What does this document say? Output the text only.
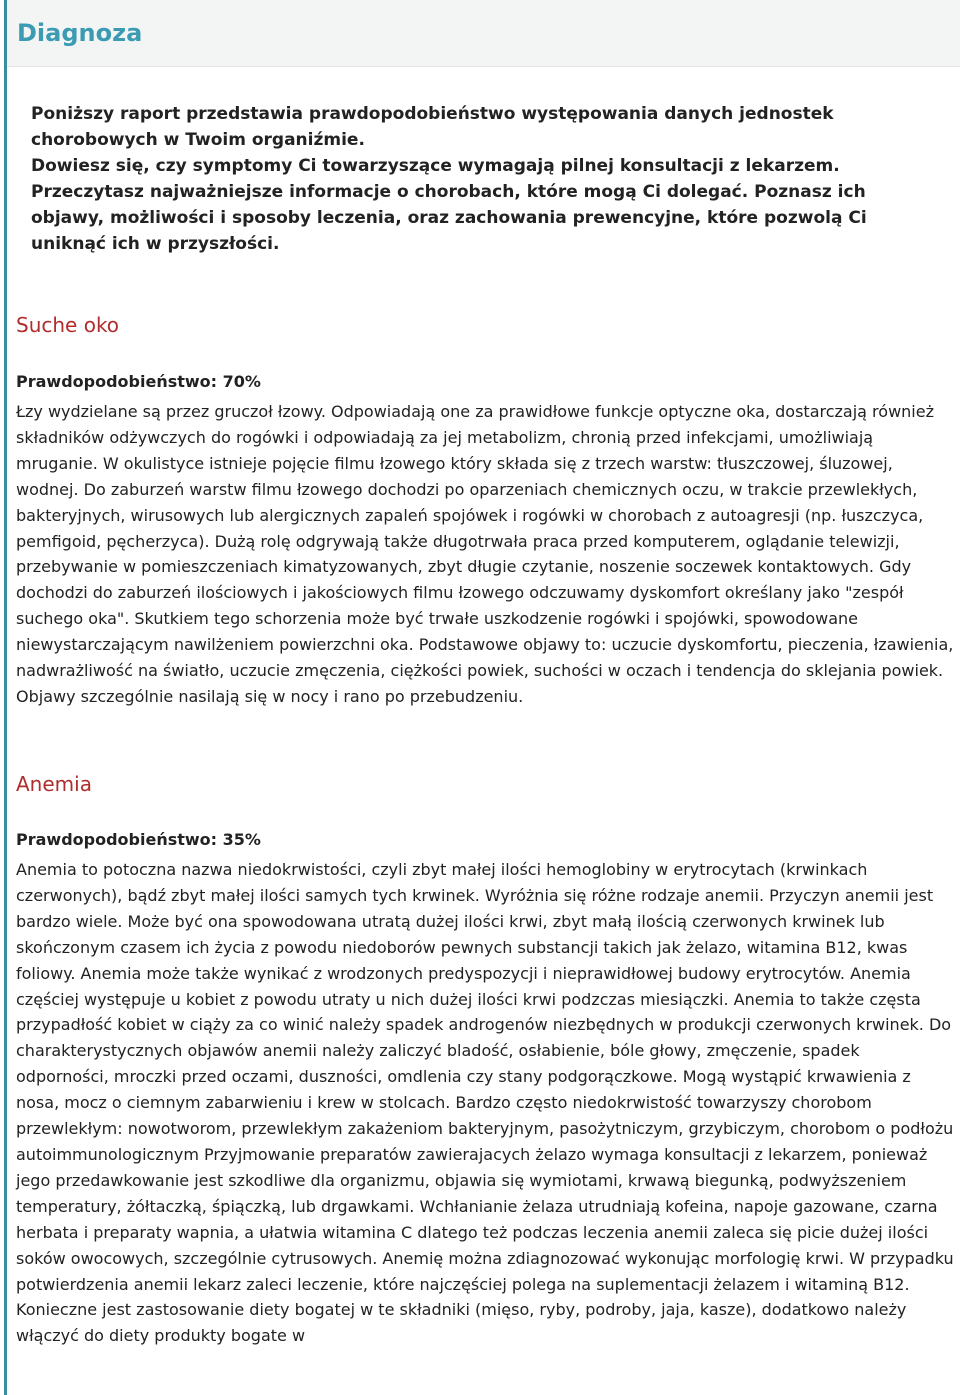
Diagnoza

Poniższy raport przedstawia prawdopodobieństwo występowania danych jednostek chorobowych w Twoim organiźmie.
Dowiesz się, czy symptomy Ci towarzyszące wymagają pilnej konsultacji z lekarzem.
Przeczytasz najważniejsze informacje o chorobach, które mogą Ci dolegać. Poznasz ich objawy, możliwości i sposoby leczenia, oraz zachowania prewencyjne, które pozwolą Ci uniknąć ich w przyszłości.

Suche oko

Prawdopodobieństwo: 70%

Łzy wydzielane są przez gruczoł łzowy. Odpowiadają one za prawidłowe funkcje optyczne oka, dostarczają również składników odżywczych do rogówki i odpowiadają za jej metabolizm, chronią przed infekcjami, umożliwiają mruganie. W okulistyce istnieje pojęcie filmu łzowego który składa się z trzech warstw: tłuszczowej, śluzowej, wodnej. Do zaburzeń warstw filmu łzowego dochodzi po oparzeniach chemicznych oczu, w trakcie przewlekłych, bakteryjnych, wirusowych lub alergicznych zapaleń spojówek i rogówki w chorobach z autoagresji (np. łuszczyca, pemfigoid, pęcherzyca). Dużą rolę odgrywają także długotrwała praca przed komputerem, oglądanie telewizji, przebywanie w pomieszczeniach kimatyzowanych, zbyt długie czytanie, noszenie soczewek kontaktowych. Gdy dochodzi do zaburzeń ilościowych i jakościowych filmu łzowego odczuwamy dyskomfort określany jako "zespół suchego oka". Skutkiem tego schorzenia może być trwałe uszkodzenie rogówki i spojówki, spowodowane niewystarczającym nawilżeniem powierzchni oka. Podstawowe objawy to: uczucie dyskomfortu, pieczenia, łzawienia, nadwrażliwość na światło, uczucie zmęczenia, ciężkości powiek, suchości w oczach i tendencja do sklejania powiek. Objawy szczególnie nasilają się w nocy i rano po przebudzeniu.

Anemia

Prawdopodobieństwo: 35%

Anemia to potoczna nazwa niedokrwistości, czyli zbyt małej ilości hemoglobiny w erytrocytach (krwinkach czerwonych), bądź zbyt małej ilości samych tych krwinek. Wyróżnia się różne rodzaje anemii. Przyczyn anemii jest bardzo wiele. Może być ona spowodowana utratą dużej ilości krwi, zbyt małą ilością czerwonych krwinek lub skończonym czasem ich życia z powodu niedoborów pewnych substancji takich jak żelazo, witamina B12, kwas foliowy. Anemia może także wynikać z wrodzonych predyspozycji i nieprawidłowej budowy erytrocytów. Anemia częściej występuje u kobiet z powodu utraty u nich dużej ilości krwi podzczas miesiączki. Anemia to także częsta przypadłość kobiet w ciąży za co winić należy spadek androgenów niezbędnych w produkcji czerwonych krwinek. Do charakterystycznych objawów anemii należy zaliczyć bladość, osłabienie, bóle głowy, zmęczenie, spadek odporności, mroczki przed oczami, duszności, omdlenia czy stany podgorączkowe. Mogą wystąpić krwawienia z nosa, mocz o ciemnym zabarwieniu i krew w stolcach. Bardzo często niedokrwistość towarzyszy chorobom przewlekłym: nowotworom, przewlekłym zakażeniom bakteryjnym, pasożytniczym, grzybiczym, chorobom o podłożu autoimmunologicznym Przyjmowanie preparatów zawierajacych żelazo wymaga konsultacji z lekarzem, ponieważ jego przedawkowanie jest szkodliwe dla organizmu, objawia się wymiotami, krwawą biegunką, podwyższeniem temperatury, żółtaczką, śpiączką, lub drgawkami. Wchłanianie żelaza utrudniają kofeina, napoje gazowane, czarna herbata i preparaty wapnia, a ułatwia witamina C dlatego też podczas leczenia anemii zaleca się picie dużej ilości soków owocowych, szczególnie cytrusowych. Anemię można zdiagnozować wykonując morfologię krwi. W przypadku potwierdzenia anemii lekarz zaleci leczenie, które najczęściej polega na suplementacji żelazem i witaminą B12. Konieczne jest zastosowanie diety bogatej w te składniki (mięso, ryby, podroby, jaja, kasze), dodatkowo należy włączyć do diety produkty bogate w
